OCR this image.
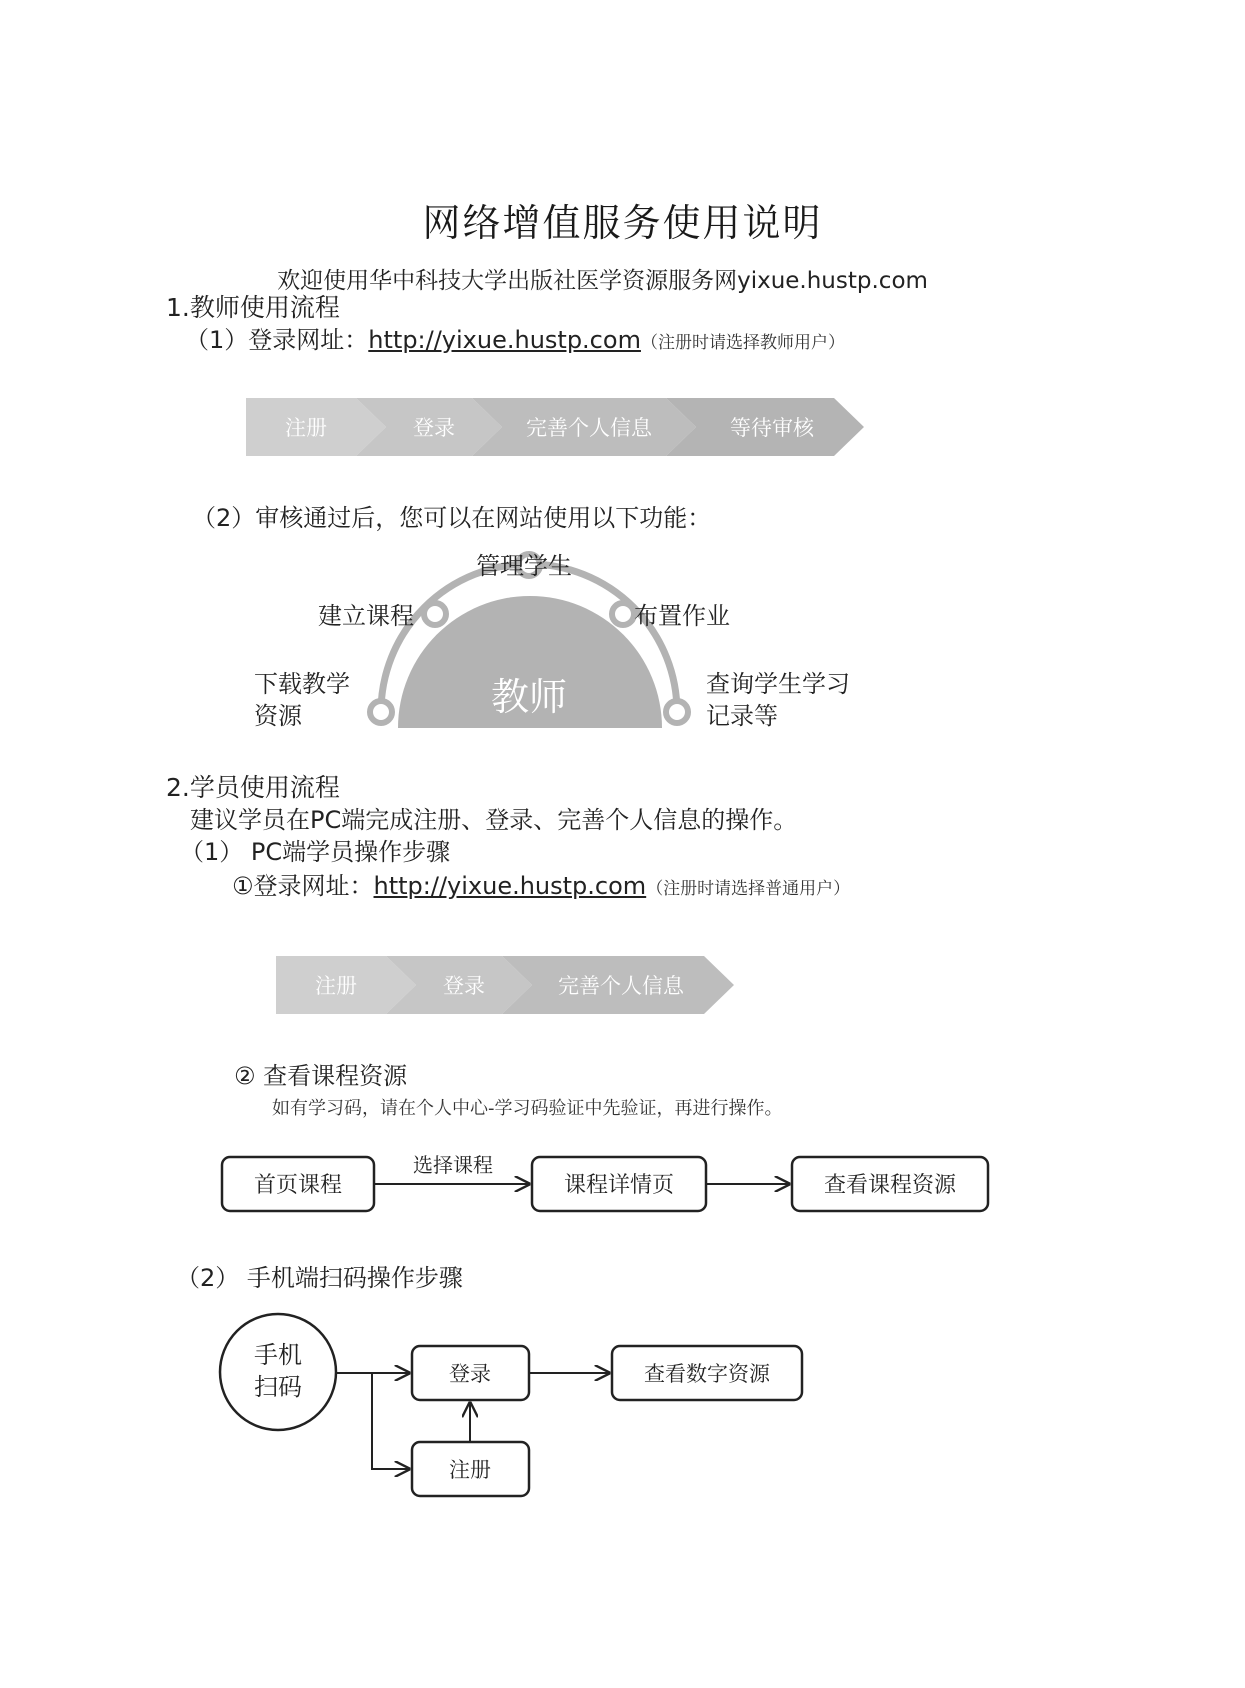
网络增值服务使用说明
欢迎使用华中科技大学出版社医学资源服务网yixue.hustp.com
1.教师使用流程
（1）登录网址：http://yixue.hustp.com（注册时请选择教师用户）
注册	登录	完善个人信息	等待审核
（2）审核通过后，您可以在网站使用以下功能：
教师
管理学生
建立课程	布置作业
下载教学
资源
查询学生学习
记录等
2.学员使用流程
建议学员在PC端完成注册、登录、完善个人信息的操作。
（1） PC端学员操作步骤
①登录网址：http://yixue.hustp.com（注册时请选择普通用户）
注册	登录	完善个人信息
② 查看课程资源
如有学习码，请在个人中心-学习码验证中先验证，再进行操作。
首页课程
选择课程
课程详情页	查看课程资源
（2） 手机端扫码操作步骤
手机
扫码	登录
注册
查看数字资源
